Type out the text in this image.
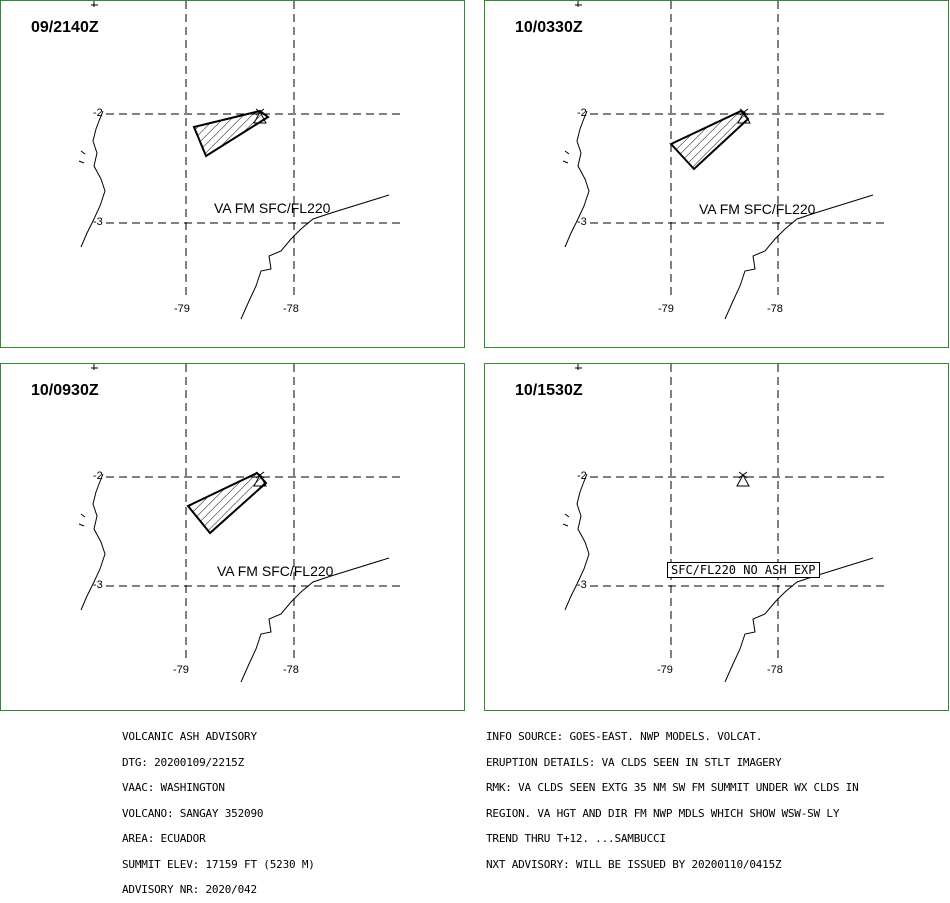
09/2140Z
VA FM SFC/FL220
-2
-3
-79	-78
10/0330Z
VA FM SFC/FL220
-2
-3
-79	-78
10/0930Z
VA FM SFC/FL220
-2
-3
-79	-78
10/1530Z
SFC/FL220 NO ASH EXP
-2
-3
-79	-78

VOLCANIC ASH ADVISORY

DTG: 20200109/2215Z

VAAC: WASHINGTON

VOLCANO: SANGAY 352090

AREA: ECUADOR

SUMMIT ELEV: 17159 FT (5230 M)

ADVISORY NR: 2020/042

INFO SOURCE: GOES-EAST. NWP MODELS. VOLCAT.

ERUPTION DETAILS: VA CLDS SEEN IN STLT IMAGERY

RMK: VA CLDS SEEN EXTG 35 NM SW FM SUMMIT UNDER WX CLDS IN

REGION. VA HGT AND DIR FM NWP MDLS WHICH SHOW WSW-SW LY

TREND THRU T+12. ...SAMBUCCI

NXT ADVISORY: WILL BE ISSUED BY 20200110/0415Z
